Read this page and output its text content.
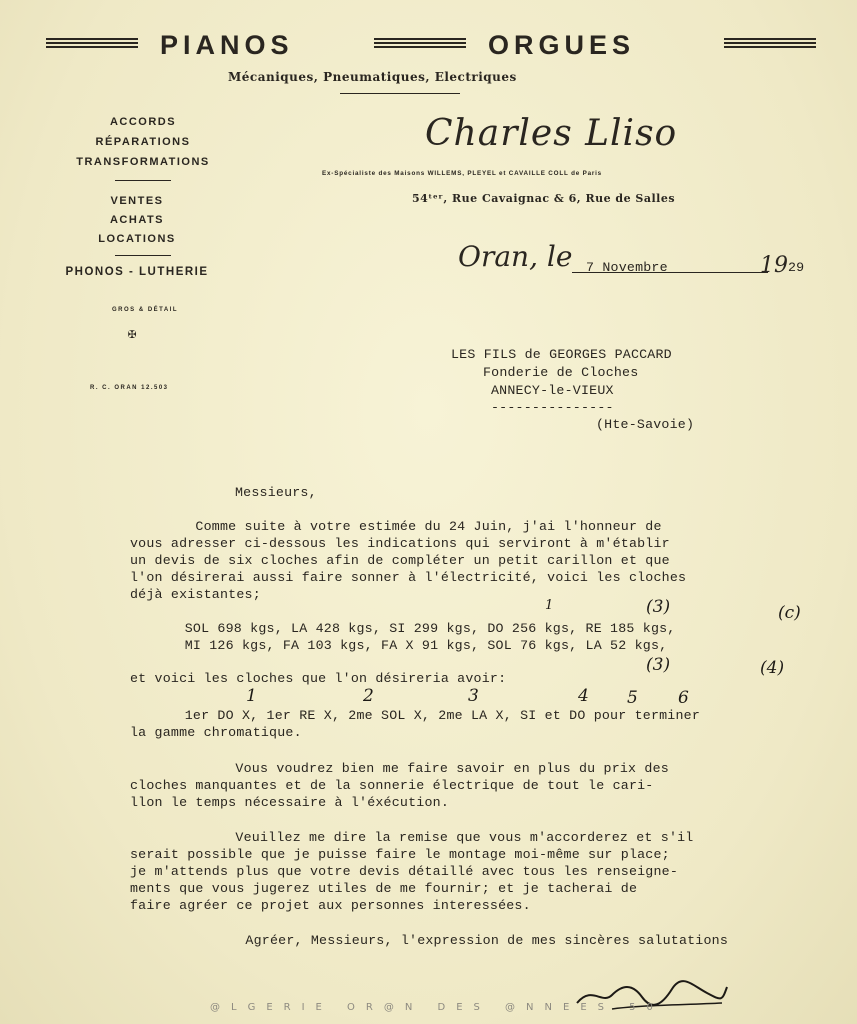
PIANOS	ORGUES
Mécaniques, Pneumatiques, Electriques
ACCORDS
RÉPARATIONS
TRANSFORMATIONS
VENTES
ACHATS
LOCATIONS
PHONOS - LUTHERIE
GROS & DÉTAIL
✠
R. C. ORAN 12.503
Charles Lliso
Ex-Spécialiste des Maisons WILLEMS, PLEYEL et CAVAILLE COLL de Paris
54ᵗᵉʳ, Rue Cavaignac & 6, Rue de Salles
Oran, le 7 Novembre	19 29
LES FILS de GEORGES PACCARD
Fonderie de Cloches
ANNECY-le-VIEUX
---------------
(Hte-Savoie)
Messieurs,
Comme suite à votre estimée du 24 Juin, j'ai l'honneur de
vous adresser ci-dessous les indications qui serviront à m'établir
un devis de six cloches afin de compléter un petit carillon et que
l'on désirerai aussi faire sonner à l'électricité, voici les cloches
déjà existantes;
SOL 698 kgs, LA 428 kgs, SI 299 kgs, DO 256 kgs, RE 185 kgs,
MI 126 kgs, FA 103 kgs, FA X 91 kgs, SOL 76 kgs, LA 52 kgs,
1	(3)	(c)
(3)	(4)
et voici les cloches que l'on désireria avoir:
1	2	3	4 5 6
1er DO X, 1er RE X, 2me SOL X, 2me LA X, SI et DO pour terminer
la gamme chromatique.
Vous voudrez bien me faire savoir en plus du prix des
cloches manquantes et de la sonnerie électrique de tout le cari-
llon le temps nécessaire à l'éxécution.
Veuillez me dire la remise que vous m'accorderez et s'il
serait possible que je puisse faire le montage moi-même sur place;
je m'attends plus que votre devis détaillé avec tous les renseigne-
ments que vous jugerez utiles de me fournir; et je tacherai de
faire agréer ce projet aux personnes interessées.
Agréer, Messieurs, l'expression de mes sincères salutations
@LGERIE OR@N DES @NNEES 50
